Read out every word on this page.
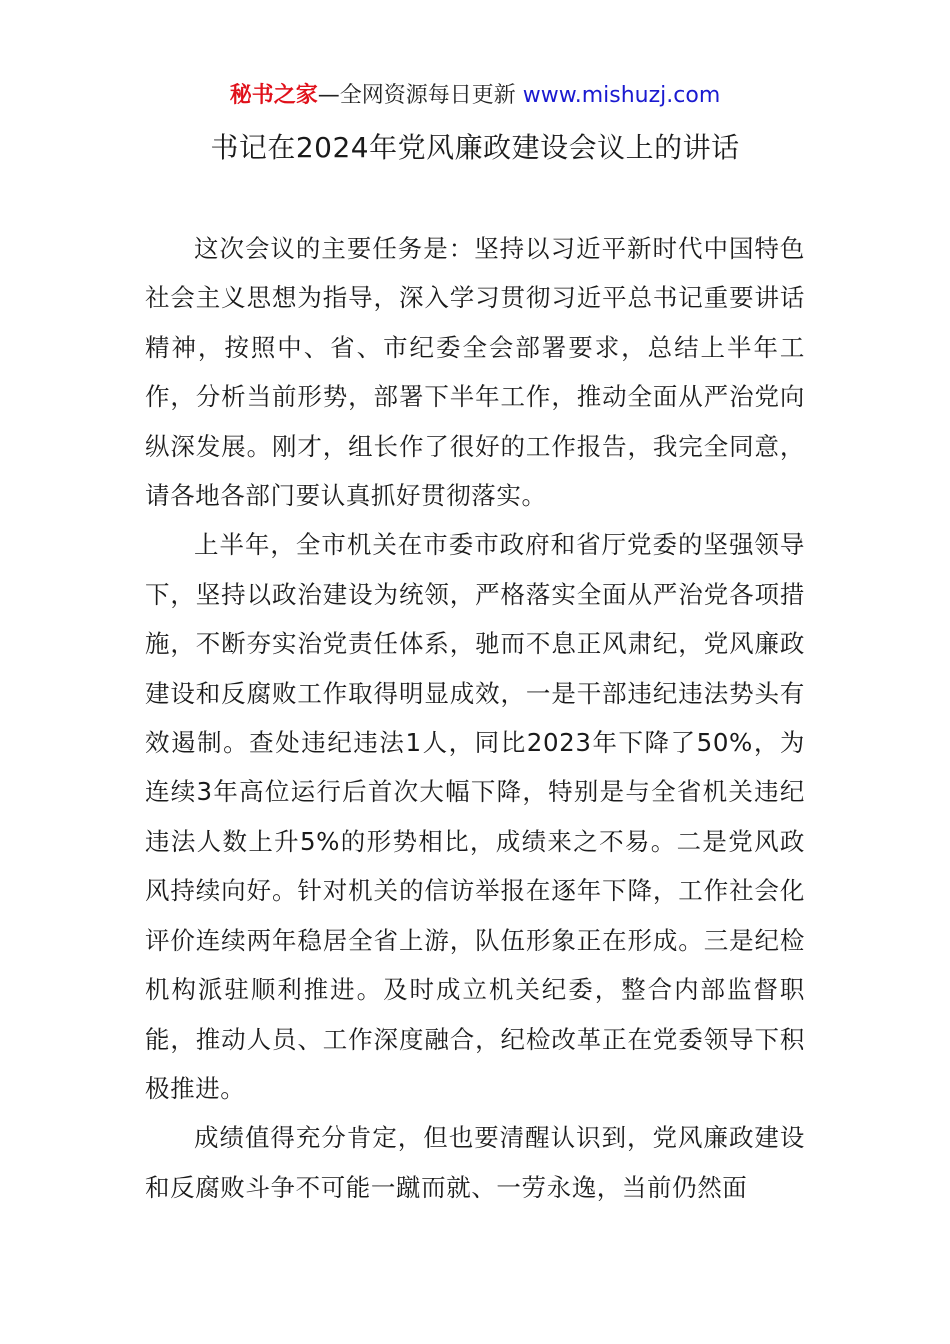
秘书之家—全网资源每日更新 www.mishuzj.com
书记在2024年党风廉政建设会议上的讲话

这次会议的主要任务是：坚持以习近平新时代中国特色社会主义思想为指导，深入学习贯彻习近平总书记重要讲话精神，按照中、省、市纪委全会部署要求，总结上半年工作，分析当前形势，部署下半年工作，推动全面从严治党向纵深发展。刚才，组长作了很好的工作报告，我完全同意，请各地各部门要认真抓好贯彻落实。

上半年，全市机关在市委市政府和省厅党委的坚强领导下，坚持以政治建设为统领，严格落实全面从严治党各项措施，不断夯实治党责任体系，驰而不息正风肃纪，党风廉政建设和反腐败工作取得明显成效，一是干部违纪违法势头有效遏制。查处违纪违法1人，同比2023年下降了50%，为连续3年高位运行后首次大幅下降，特别是与全省机关违纪违法人数上升5%的形势相比，成绩来之不易。二是党风政风持续向好。针对机关的信访举报在逐年下降，工作社会化评价连续两年稳居全省上游，队伍形象正在形成。三是纪检机构派驻顺利推进。及时成立机关纪委，整合内部监督职能，推动人员、工作深度融合，纪检改革正在党委领导下积极推进。

成绩值得充分肯定，但也要清醒认识到，党风廉政建设和反腐败斗争不可能一蹴而就、一劳永逸，当前仍然面
